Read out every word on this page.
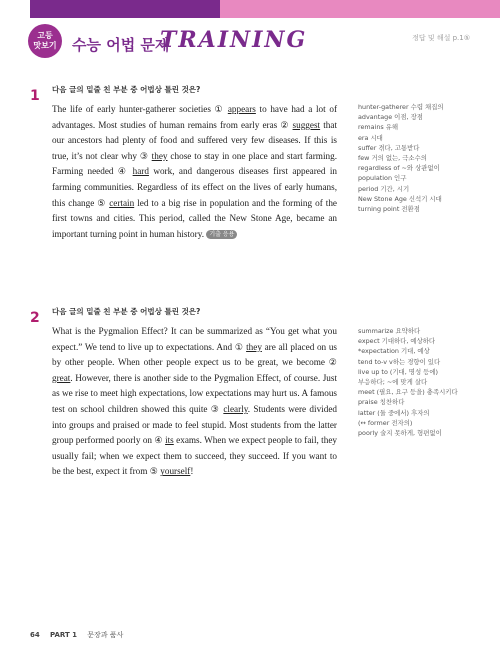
고등
맛보기 수능 어법 문제
TRAINING	정답 및 해설 p.1⑤
1 다음 글의 밑줄 친 부분 중 어법상 틀린 것은?
The life of early hunter-gatherer societies ① appears to have had a lot of advantages. Most studies of human remains from early eras ② suggest that our ancestors had plenty of food and suffered very few diseases. If this is true, it’s not clear why ③ they chose to stay in one place and start farming. Farming needed ④ hard work, and dangerous diseases first appeared in farming communities. Regardless of its effect on the lives of early humans, this change ⑤ certain led to a big rise in population and the forming of the first towns and cities. This period, called the New Stone Age, became an important turning point in human history. 기출 응용
hunter-gatherer 수렵 채집의
advantage 이점, 장점
remains 유해
era 시대
suffer 겪다, 고통받다
few 거의 없는, 극소수의
regardless of ~와 상관없이
population 인구
period 기간, 시기
New Stone Age 신석기 시대
turning point 전환점
2 다음 글의 밑줄 친 부분 중 어법상 틀린 것은?
What is the Pygmalion Effect? It can be summarized as “You get what you expect.” We tend to live up to expectations. And ① they are all placed on us by other people. When other people expect us to be great, we become ② great. However, there is another side to the Pygmalion Effect, of course. Just as we rise to meet high expectations, low expectations may hurt us. A famous test on school children showed this quite ③ clearly. Students were divided into groups and praised or made to feel stupid. Most students from the latter group performed poorly on ④ its exams. When we expect people to fail, they usually fail; when we expect them to succeed, they succeed. If you want to be the best, expect it from ⑤ yourself!
summarize 요약하다
expect 기대하다, 예상하다
*expectation 기대, 예상
tend to-v v하는 경향이 있다
live up to (기대, 명성 등에)
부응하다; ~에 맞게 살다
meet (필요, 요구 등을) 충족시키다
praise 칭찬하다
latter (둘 중에서) 후자의
(↔ former 전자의)
poorly 술지 못하게, 형편없이
64 PART 1 문장과 품사
